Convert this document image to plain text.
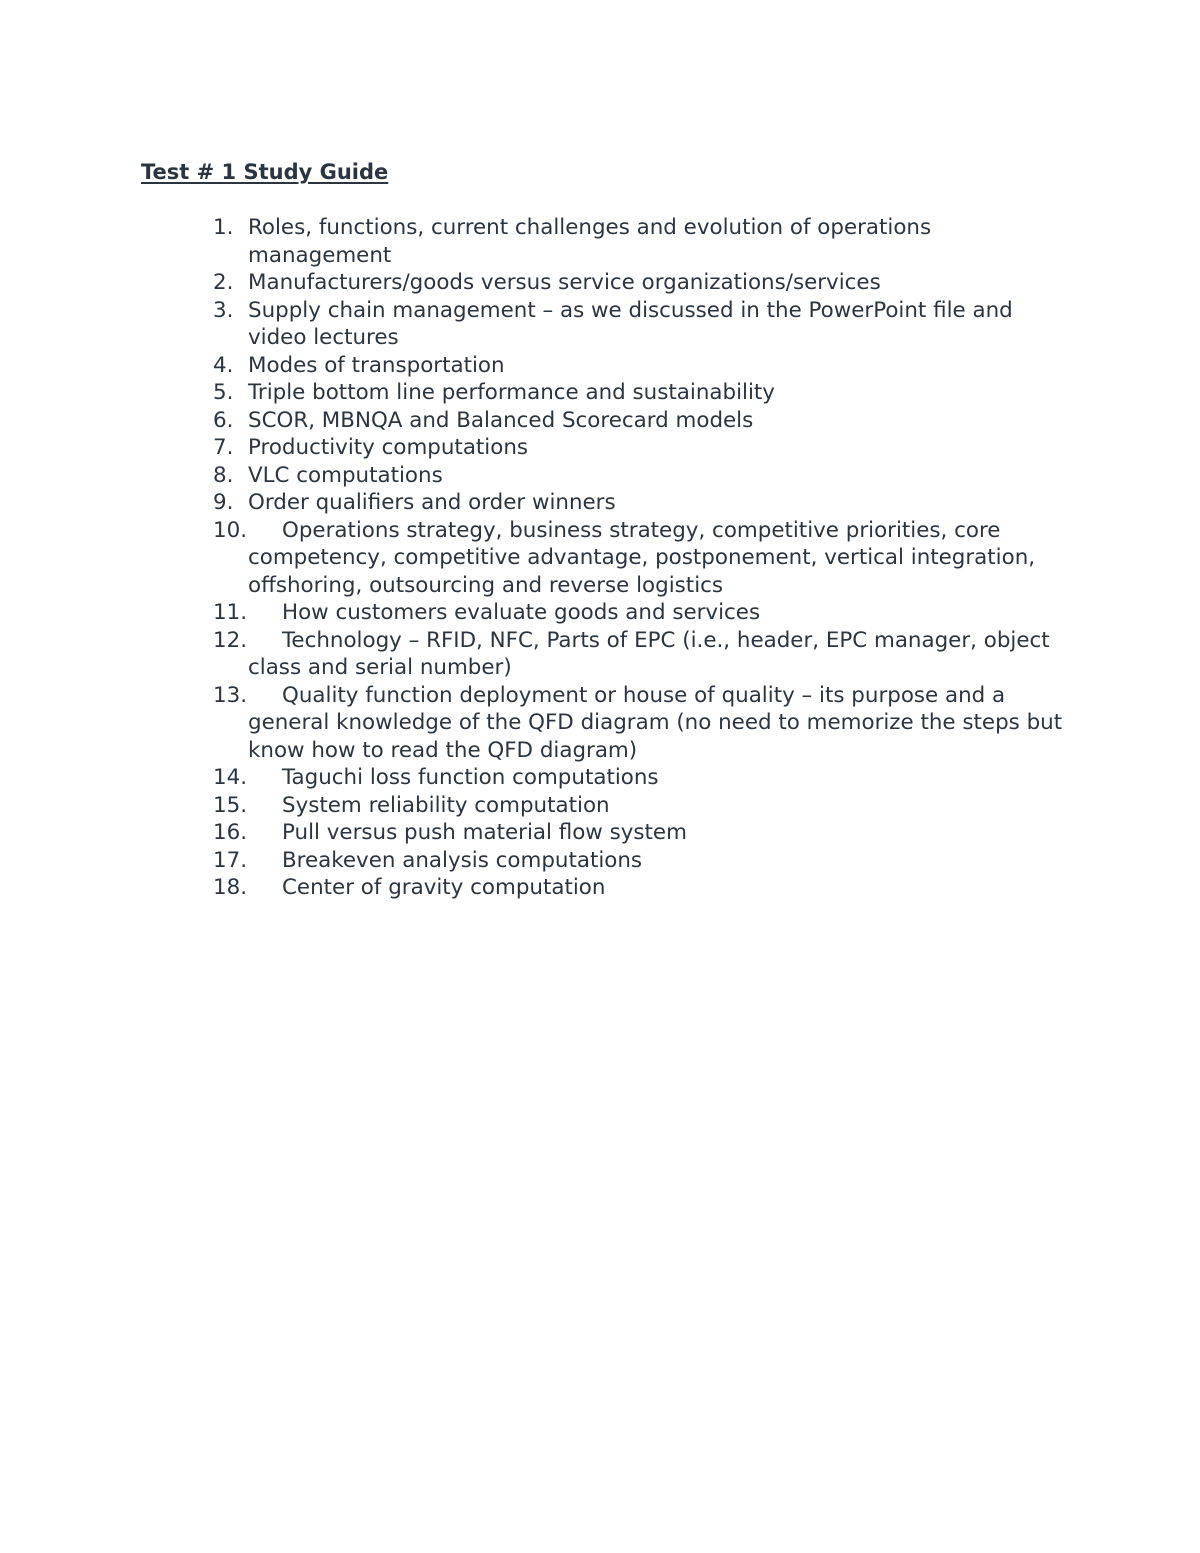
Test # 1 Study Guide
1. Roles, functions, current challenges and evolution of operations management
2. Manufacturers/goods versus service organizations/services
3. Supply chain management – as we discussed in the PowerPoint file and video lectures
4. Modes of transportation
5. Triple bottom line performance and sustainability
6. SCOR, MBNQA and Balanced Scorecard models
7. Productivity computations
8. VLC computations
9. Order qualifiers and order winners
10. Operations strategy, business strategy, competitive priorities, core competency, competitive advantage, postponement, vertical integration, offshoring, outsourcing and reverse logistics
11. How customers evaluate goods and services
12. Technology – RFID, NFC, Parts of EPC (i.e., header, EPC manager, object class and serial number)
13. Quality function deployment or house of quality – its purpose and a general knowledge of the QFD diagram (no need to memorize the steps but know how to read the QFD diagram)
14. Taguchi loss function computations
15. System reliability computation
16. Pull versus push material flow system
17. Breakeven analysis computations
18. Center of gravity computation
